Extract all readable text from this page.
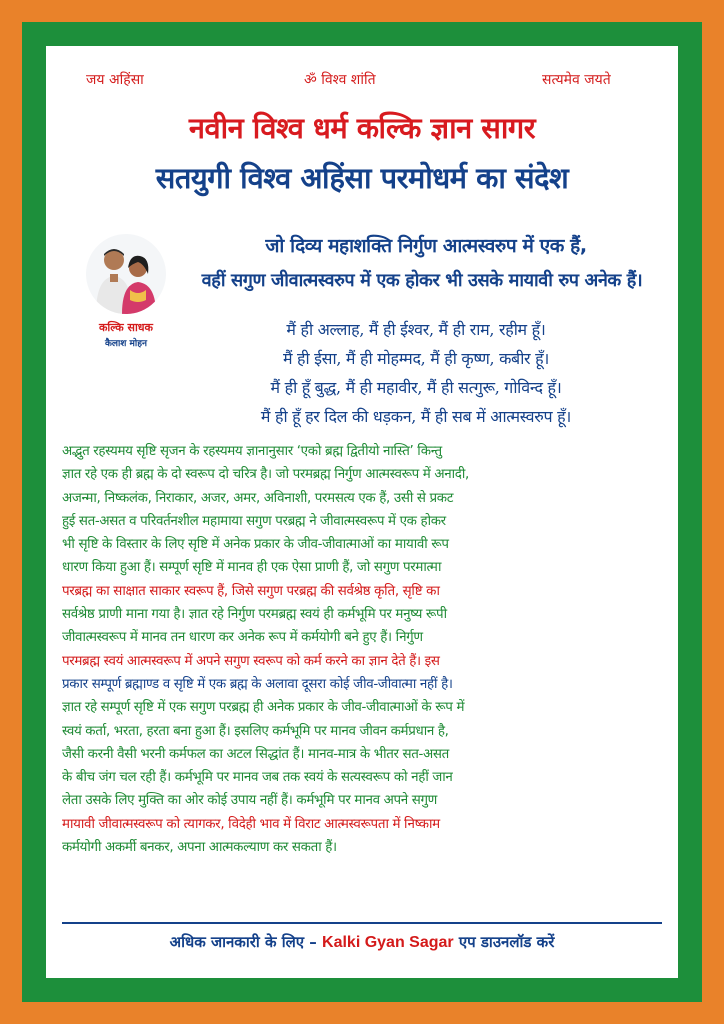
जय अहिंसा	ॐ विश्व शांति	सत्यमेव जयते
नवीन विश्व धर्म कल्कि ज्ञान सागर
सतयुगी विश्व अहिंसा परमोधर्म का संदेश
कल्कि साधक
कैलाश मोहन
जो दिव्य महाशक्ति निर्गुण आत्मस्वरुप में एक हैं,
वहीं सगुण जीवात्मस्वरुप में एक होकर भी उसके मायावी रुप अनेक हैं।
मैं ही अल्लाह, मैं ही ईश्वर, मैं ही राम, रहीम हूँ।
मैं ही ईसा, मैं ही मोहम्मद, मैं ही कृष्ण, कबीर हूँ।
मैं ही हूँ बुद्ध, मैं ही महावीर, मैं ही सत्गुरू, गोविन्द हूँ।
मैं ही हूँ हर दिल की धड़कन, मैं ही सब में आत्मस्वरुप हूँ।
अद्भुत रहस्यमय सृष्टि सृजन के रहस्यमय ज्ञानानुसार ‘एको ब्रह्म द्वितीयो नास्ति’ किन्तु
ज्ञात रहे एक ही ब्रह्म के दो स्वरूप दो चरित्र है। जो परमब्रह्म निर्गुण आत्मस्वरूप में अनादी,
अजन्मा, निष्कलंक, निराकार, अजर, अमर, अविनाशी, परमसत्य एक हैं, उसी से प्रकट
हुई सत-असत व परिवर्तनशील महामाया सगुण परब्रह्म ने जीवात्मस्वरूप में एक होकर
भी सृष्टि के विस्तार के लिए सृष्टि में अनेक प्रकार के जीव-जीवात्माओं का मायावी रूप
धारण किया हुआ हैं। सम्पूर्ण सृष्टि में मानव ही एक ऐसा प्राणी हैं, जो सगुण परमात्मा
परब्रह्म का साक्षात साकार स्वरूप हैं, जिसे सगुण परब्रह्म की सर्वश्रेष्ठ कृति, सृष्टि का
सर्वश्रेष्ठ प्राणी माना गया है। ज्ञात रहे निर्गुण परमब्रह्म स्वयं ही कर्मभूमि पर मनुष्य रूपी
जीवात्मस्वरूप में मानव तन धारण कर अनेक रूप में कर्मयोगी बने हुए हैं। निर्गुण
परमब्रह्म स्वयं आत्मस्वरूप में अपने सगुण स्वरूप को कर्म करने का ज्ञान देते हैं। इस
प्रकार सम्पूर्ण ब्रह्माण्ड व सृष्टि में एक ब्रह्म के अलावा दूसरा कोई जीव-जीवात्मा नहीं है।
ज्ञात रहे सम्पूर्ण सृष्टि में एक सगुण परब्रह्म ही अनेक प्रकार के जीव-जीवात्माओं के रूप में
स्वयं कर्ता, भरता, हरता बना हुआ हैं। इसलिए कर्मभूमि पर मानव जीवन कर्मप्रधान है,
जैसी करनी वैसी भरनी कर्मफल का अटल सिद्धांत हैं। मानव-मात्र के भीतर सत-असत
के बीच जंग चल रही हैं। कर्मभूमि पर मानव जब तक स्वयं के सत्यस्वरूप को नहीं जान
लेता उसके लिए मुक्ति का ओर कोई उपाय नहीं हैं। कर्मभूमि पर मानव अपने सगुण
मायावी जीवात्मस्वरूप को त्यागकर, विदेही भाव में विराट आत्मस्वरूपता में निष्काम
कर्मयोगी अकर्मी बनकर, अपना आत्मकल्याण कर सकता हैं।
अधिक जानकारी के लिए – Kalki Gyan Sagar एप डाउनलॉड करें
